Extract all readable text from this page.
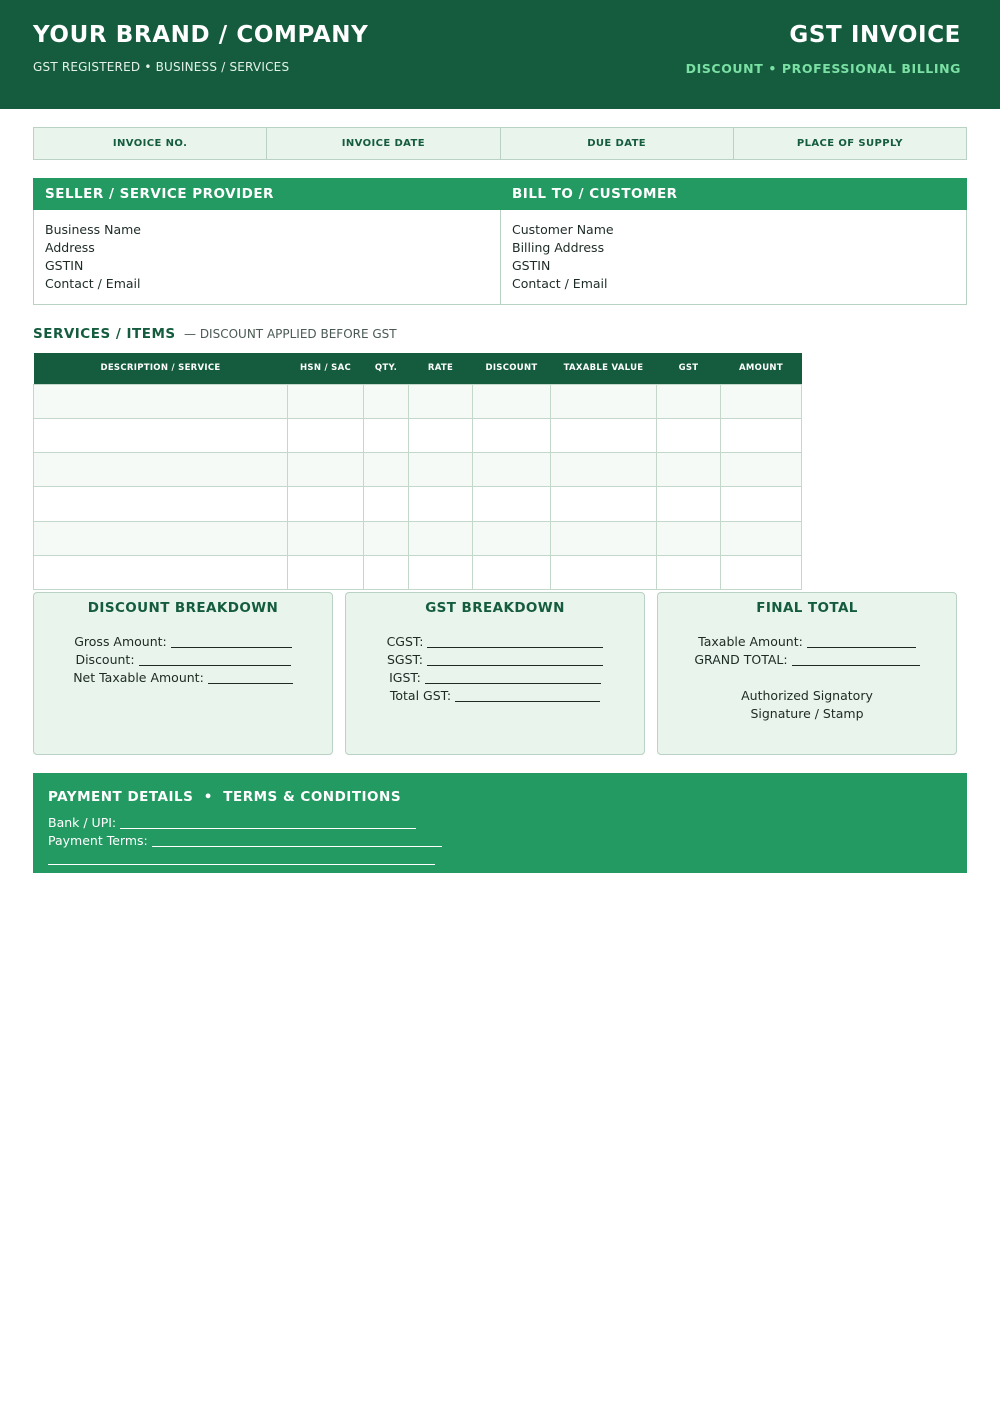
YOUR BRAND / COMPANY
GST REGISTERED • BUSINESS / SERVICES
GST INVOICE
DISCOUNT • PROFESSIONAL BILLING
INVOICE NO.	INVOICE DATE	DUE DATE	PLACE OF SUPPLY
SELLER / SERVICE PROVIDER	BILL TO / CUSTOMER
Business Name
Address
GSTIN
Contact / Email
Customer Name
Billing Address
GSTIN
Contact / Email
SERVICES / ITEMS — DISCOUNT APPLIED BEFORE GST
DESCRIPTION / SERVICE	HSN / SAC	QTY.	RATE	DISCOUNT	TAXABLE VALUE	GST	AMOUNT

DISCOUNT BREAKDOWN
Gross Amount:
Discount:
Net Taxable Amount:
GST BREAKDOWN
CGST:
SGST:
IGST:
Total GST:
FINAL TOTAL
Taxable Amount:
GRAND TOTAL:
Authorized Signatory
Signature / Stamp
PAYMENT DETAILS  •  TERMS & CONDITIONS
Bank / UPI:
Payment Terms:
